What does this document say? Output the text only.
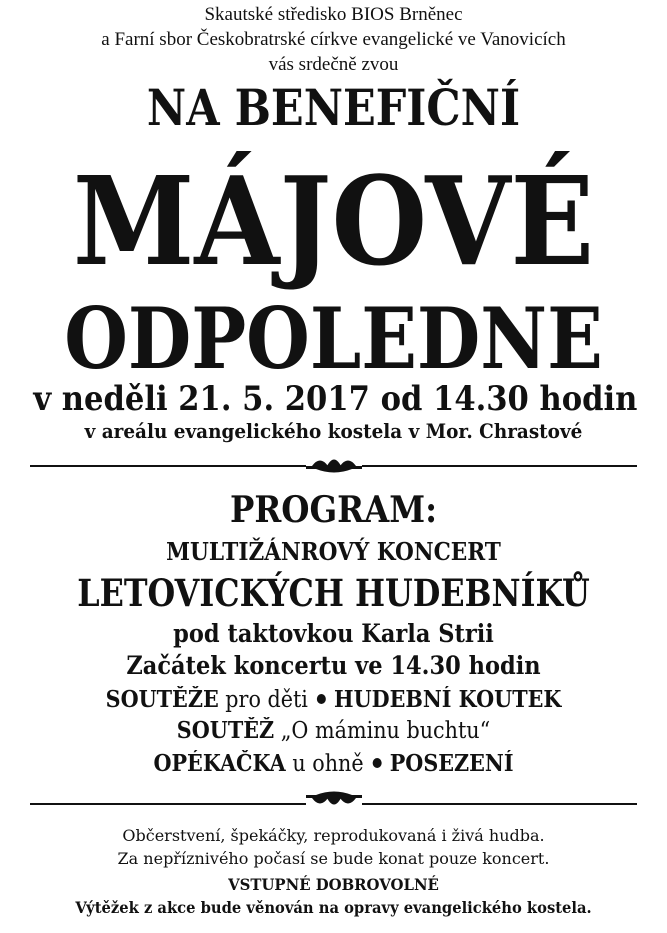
Skautské středisko BIOS Brněnec
a Farní sbor Českobratrské církve evangelické ve Vanovicích
vás srdečně zvou
NA BENEFIČNÍ
MÁJOVÉ
ODPOLEDNE
v neděli 21. 5. 2017 od 14.30 hodin
v areálu evangelického kostela v Mor. Chrastové
PROGRAM:
MULTIŽÁNROVÝ KONCERT
LETOVICKÝCH HUDEBNÍKŮ
pod taktovkou Karla Strii
Začátek koncertu ve 14.30 hodin
SOUTĚŽE pro děti HUDEBNÍ KOUTEK
SOUTĚŽ „O máminu buchtu“
OPÉKAČKA u ohně POSEZENÍ
Občerstvení, špekáčky, reprodukovaná i živá hudba.
Za nepříznivého počasí se bude konat pouze koncert.
VSTUPNÉ DOBROVOLNÉ
Výtěžek z akce bude věnován na opravy evangelického kostela.
